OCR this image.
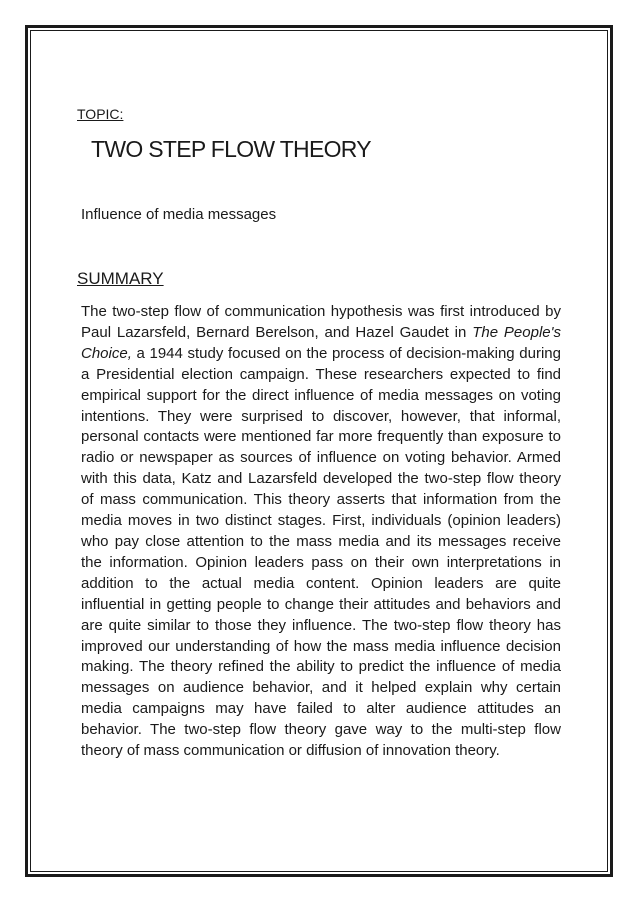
TOPIC:
TWO STEP FLOW THEORY
Influence of media messages
SUMMARY

The two-step flow of communication hypothesis was first introduced by Paul Lazarsfeld, Bernard Berelson, and Hazel Gaudet in The People's Choice, a 1944 study focused on the process of decision-making during a Presidential election campaign. These researchers expected to find empirical support for the direct influence of media messages on voting intentions. They were surprised to discover, however, that informal, personal contacts were mentioned far more frequently than exposure to radio or newspaper as sources of influence on voting behavior. Armed with this data, Katz and Lazarsfeld developed the two-step flow theory of mass communication. This theory asserts that information from the media moves in two distinct stages. First, individuals (opinion leaders) who pay close attention to the mass media and its messages receive the information. Opinion leaders pass on their own interpretations in addition to the actual media content. Opinion leaders are quite influential in getting people to change their attitudes and behaviors and are quite similar to those they influence. The two-step flow theory has improved our understanding of how the mass media influence decision making. The theory refined the ability to predict the influence of media messages on audience behavior, and it helped explain why certain media campaigns may have failed to alter audience attitudes an behavior. The two-step flow theory gave way to the multi-step flow theory of mass communication or diffusion of innovation theory.
